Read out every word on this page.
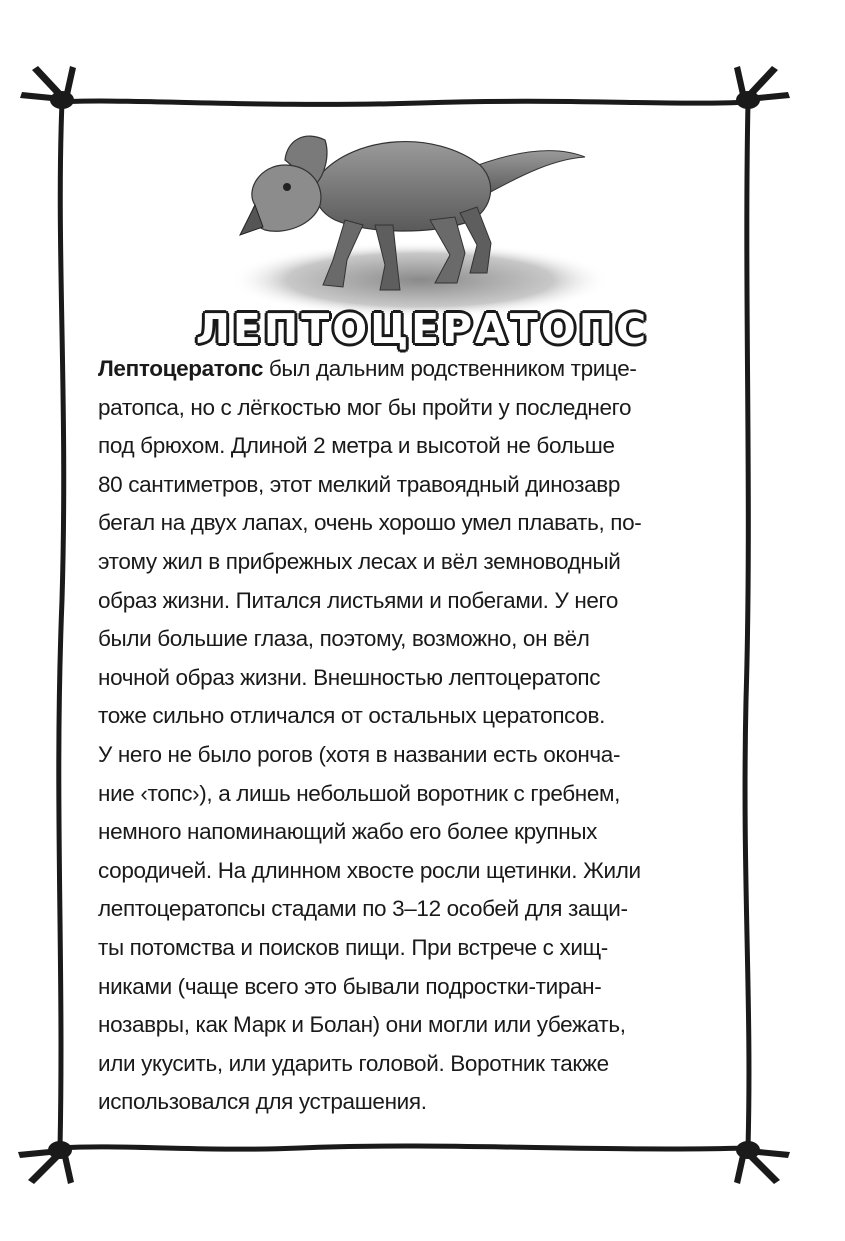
ЛЕПТОЦЕРАТОПС
Лептоцератопс был дальним родственником трице-
ратопса, но с лёгкостью мог бы пройти у последнего
под брюхом. Длиной 2 метра и высотой не больше
80 сантиметров, этот мелкий травоядный динозавр
бегал на двух лапах, очень хорошо умел плавать, по-
этому жил в прибрежных лесах и вёл земноводный
образ жизни. Питался листьями и побегами. У него
были большие глаза, поэтому, возможно, он вёл
ночной образ жизни. Внешностью лептоцератопс
тоже сильно отличался от остальных цератопсов.
У него не было рогов (хотя в названии есть оконча-
ние ‹топс›), а лишь небольшой воротник с гребнем,
немного напоминающий жабо его более крупных
сородичей. На длинном хвосте росли щетинки. Жили
лептоцератопсы стадами по 3–12 особей для защи-
ты потомства и поисков пищи. При встрече с хищ-
никами (чаще всего это бывали подростки-тиран-
нозавры, как Марк и Болан) они могли или убежать,
или укусить, или ударить головой. Воротник также
использовался для устрашения.
